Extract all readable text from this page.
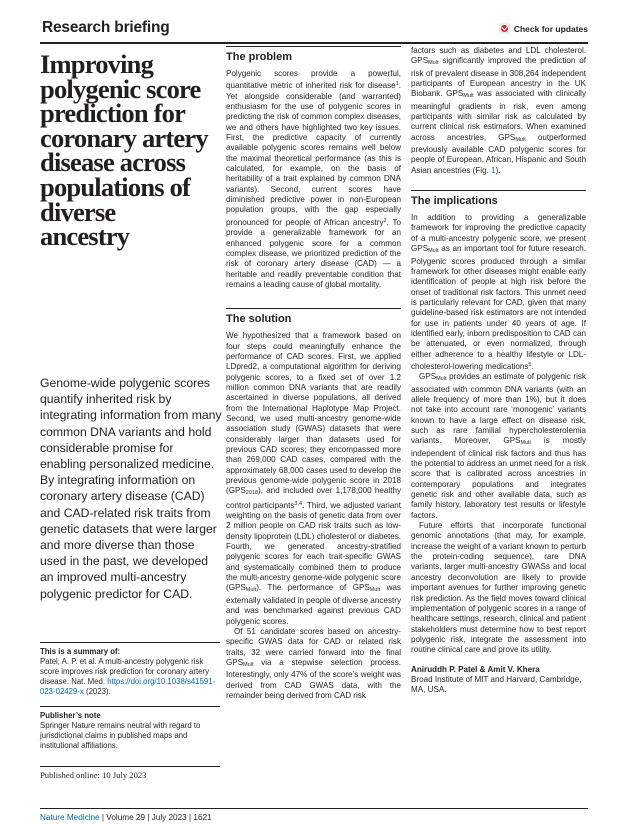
Research briefing	Check for updates
Improving polygenic score prediction for coronary artery disease across populations of diverse ancestry

Genome-wide polygenic scores quantify inherited risk by integrating information from many common DNA variants and hold considerable promise for enabling personalized medicine. By integrating information on coronary artery disease (CAD) and CAD-related risk traits from genetic datasets that were larger and more diverse than those used in the past, we developed an improved multi-ancestry polygenic predictor for CAD.

This is a summary of:
Patel, A. P. et al. A multi-ancestry polygenic risk score improves risk prediction for coronary artery disease. Nat. Med. https://doi.org/10.1038/s41591-023-02429-x (2023).
Publisher’s note
Springer Nature remains neutral with regard to jurisdictional claims in published maps and institutional affiliations.
Published online: 10 July 2023
The problem

Polygenic scores provide a powerful, quantitative metric of inherited risk for disease$^1$. Yet alongside considerable (and warranted) enthusiasm for the use of polygenic scores in predicting the risk of common complex diseases, we and others have highlighted two key issues. First, the predictive capacity of currently available polygenic scores remains well below the maximal theoretical performance (as this is calculated, for example, on the basis of heritability of a trait explained by common DNA variants). Second, current scores have diminished predictive power in non-European population groups, with the gap especially pronounced for people of African ancestry$^2$. To provide a generalizable framework for an enhanced polygenic score for a common complex disease, we prioritized prediction of the risk of coronary artery disease (CAD) — a heritable and readily preventable condition that remains a leading cause of global mortality.

The solution

We hypothesized that a framework based on four steps could meaningfully enhance the performance of CAD scores. First, we applied LDpred2, a computational algorithm for deriving polygenic scores, to a fixed set of over 1.2 million common DNA variants that are readily ascertained in diverse populations, all derived from the International Haplotype Map Project. Second, we used multi-ancestry genome-wide association study (GWAS) datasets that were considerably larger than datasets used for previous CAD scores; they encompassed more than 269,000 CAD cases, compared with the approximately 68,000 cases used to develop the previous genome-wide polygenic score in 2018 (GPS2018), and included over 1,178,000 healthy control participants$^{3,4}$. Third, we adjusted variant weighting on the basis of genetic data from over 2 million people on CAD risk traits such as low-density lipoprotein (LDL) cholesterol or diabetes. Fourth, we generated ancestry-stratified polygenic scores for each trait-specific GWAS and systematically combined them to produce the multi-ancestry genome-wide polygenic score (GPSMult). The performance of GPSMult was externally validated in people of diverse ancestry and was benchmarked against previous CAD polygenic scores.

Of 51 candidate scores based on ancestry-specific GWAS data for CAD or related risk traits, 32 were carried forward into the final GPSMult via a stepwise selection process. Interestingly, only 47% of the score’s weight was derived from CAD GWAS data, with the remainder being derived from CAD risk

factors such as diabetes and LDL cholesterol. GPSMult significantly improved the prediction of risk of prevalent disease in 308,264 independent participants of European ancestry in the UK Biobank. GPSMult was associated with clinically meaningful gradients in risk, even among participants with similar risk as calculated by current clinical risk estimators. When examined across ancestries, GPSMult outperformed previously available CAD polygenic scores for people of European, African, Hispanic and South Asian ancestries (Fig. 1).

The implications

In addition to providing a generalizable framework for improving the predictive capacity of a multi-ancestry polygenic score, we present GPSMult as an important tool for future research. Polygenic scores produced through a similar framework for other diseases might enable early identification of people at high risk before the onset of traditional risk factors. This unmet need is particularly relevant for CAD, given that many guideline-based risk estimators are not intended for use in patients under 40 years of age. If identified early, inborn predisposition to CAD can be attenuated, or even normalized, through either adherence to a healthy lifestyle or LDL-cholesterol-lowering medications$^5$.

GPSMult provides an estimate of polygenic risk associated with common DNA variants (with an allele frequency of more than 1%), but it does not take into account rare ‘monogenic’ variants known to have a large effect on disease risk, such as rare familial hypercholesterolemia variants. Moreover, GPSMult is mostly independent of clinical risk factors and thus has the potential to address an unmet need for a risk score that is calibrated across ancestries in contemporary populations and integrates genetic risk and other available data, such as family history, laboratory test results or lifestyle factors.

Future efforts that incorporate functional genomic annotations (that may, for example, increase the weight of a variant known to perturb the protein-coding sequence), rare DNA variants, larger multi-ancestry GWASs and local ancestry deconvolution are likely to provide important avenues for further improving genetic risk prediction. As the field moves toward clinical implementation of polygenic scores in a range of healthcare settings, research, clinical and patient stakeholders must determine how to best report polygenic risk, integrate the assessment into routine clinical care and prove its utility.

Aniruddh P. Patel & Amit V. Khera
Broad Institute of MIT and Harvard, Cambridge, MA, USA.
Nature Medicine | Volume 29 | July 2023 | 1621
